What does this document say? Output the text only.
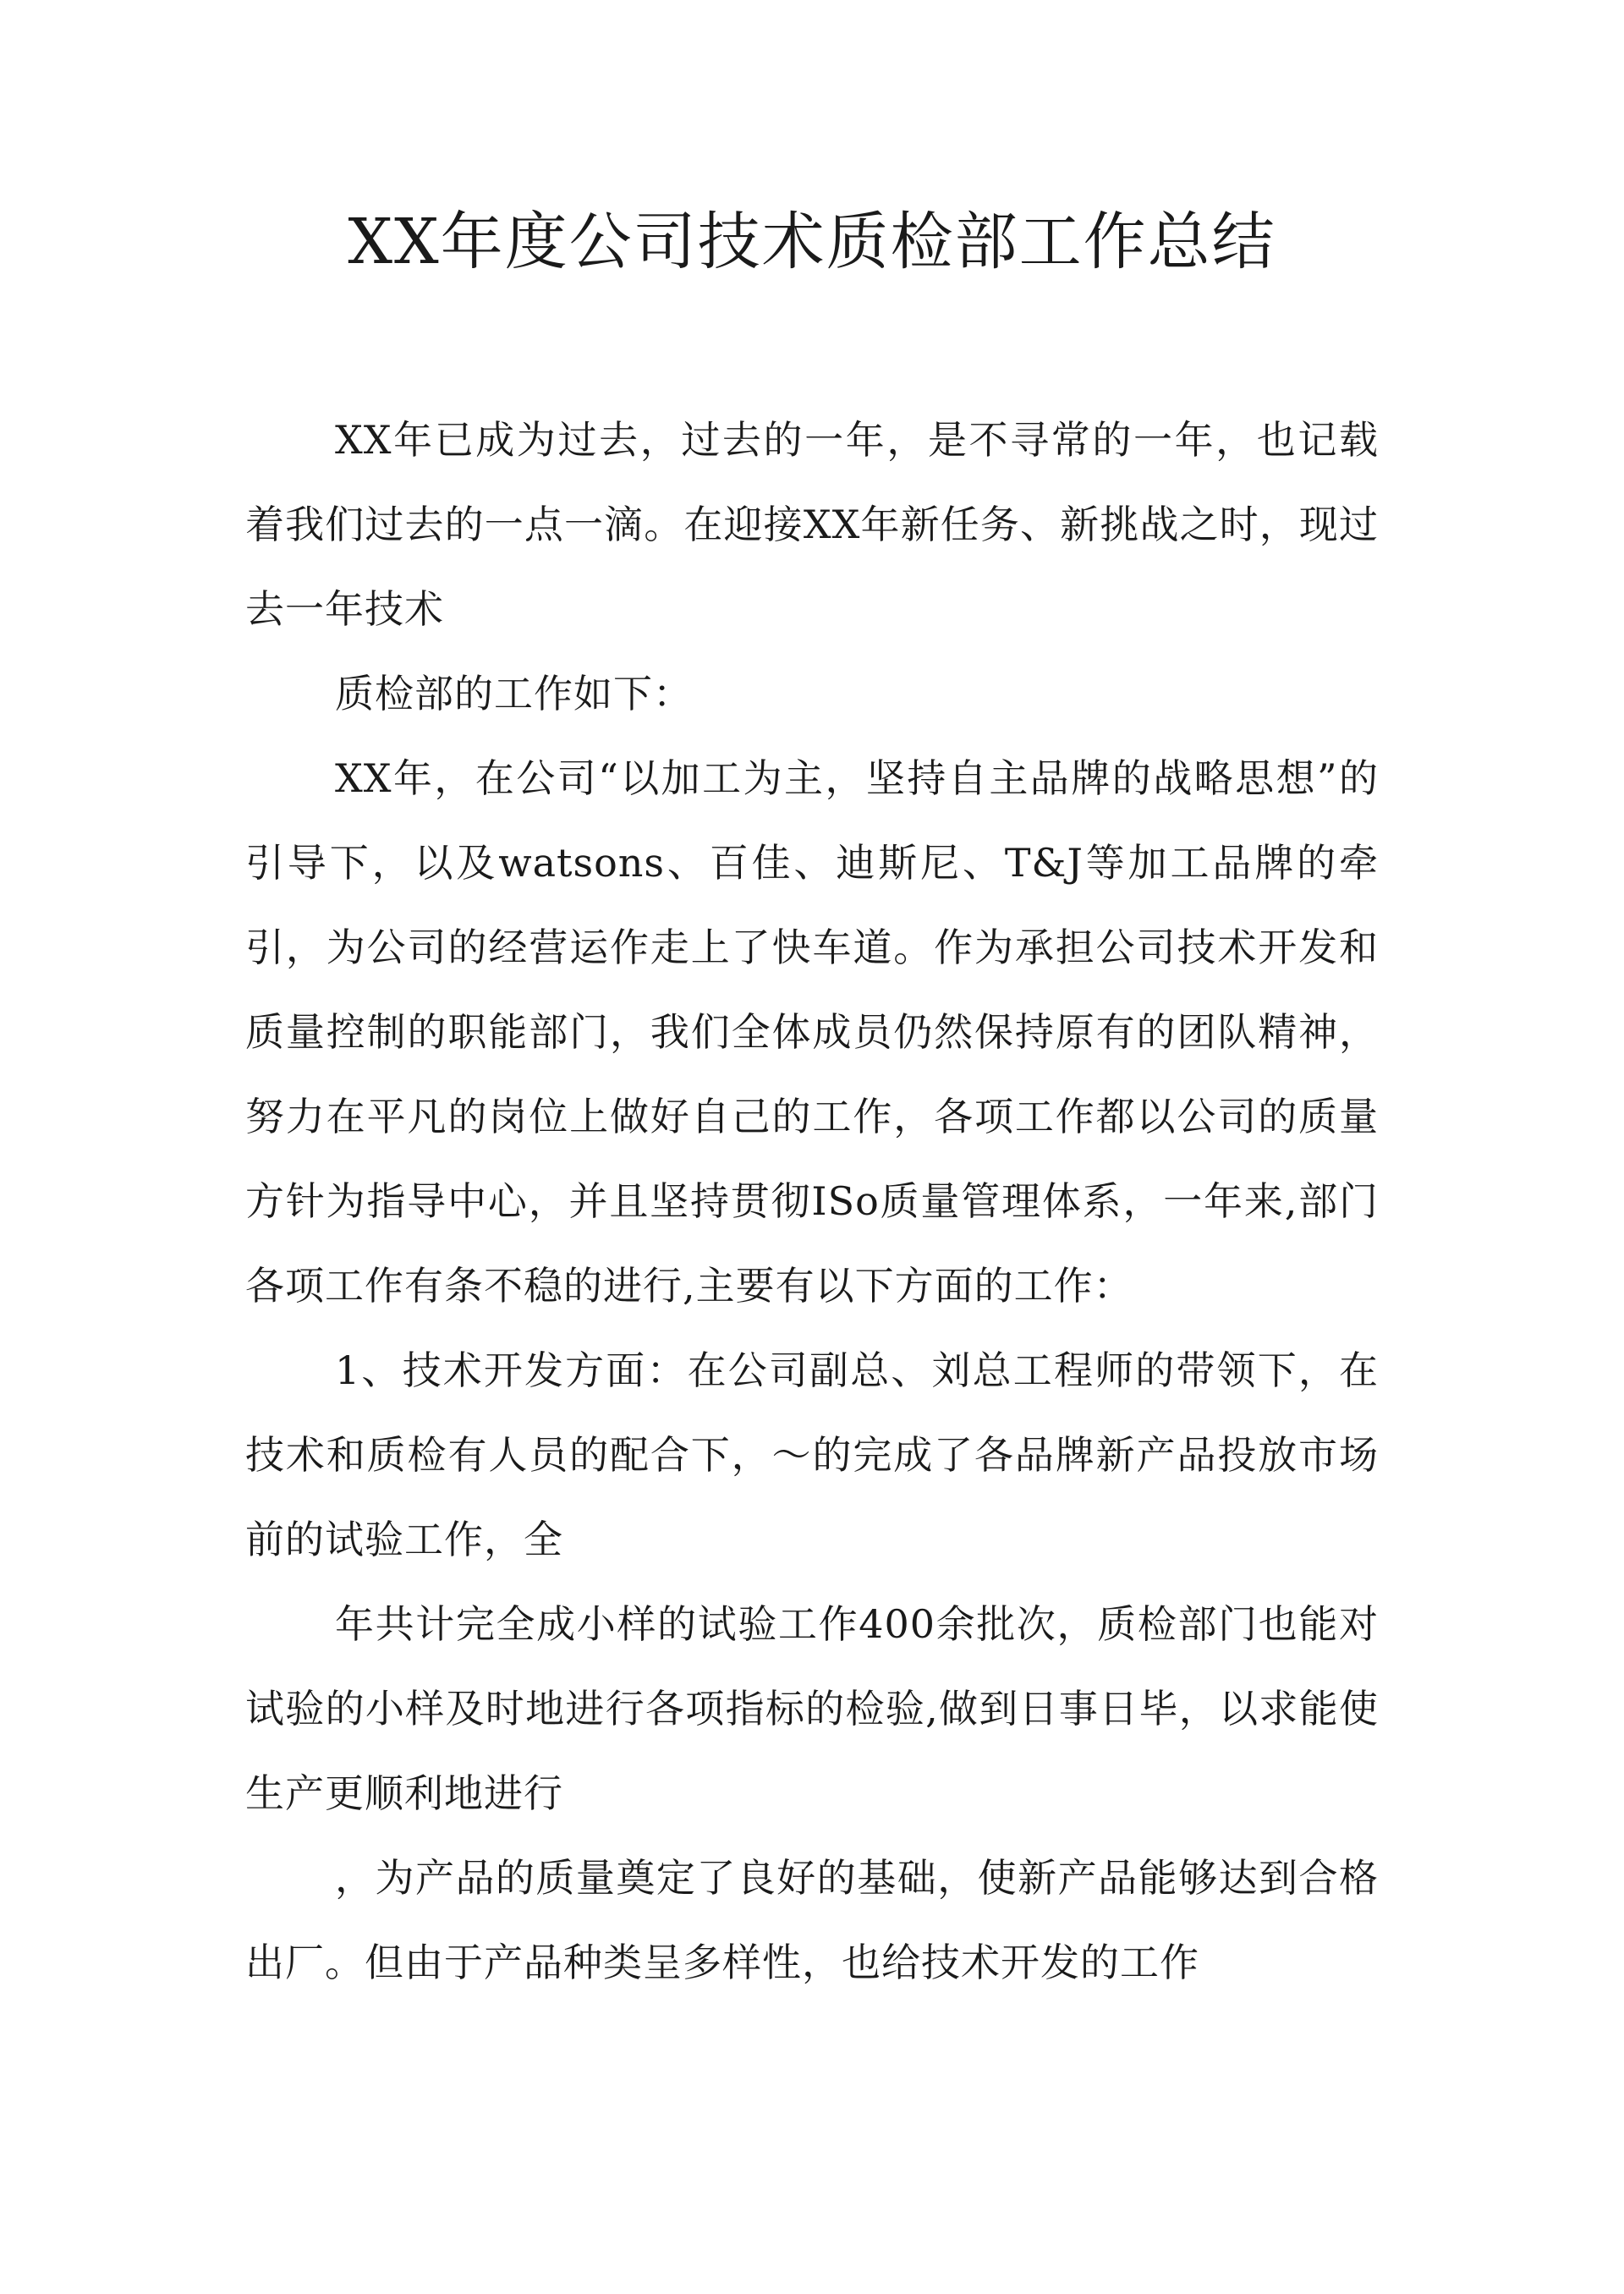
XX年度公司技术质检部工作总结

XX年已成为过去，过去的一年，是不寻常的一年，也记载着我们过去的一点一滴。在迎接XX年新任务、新挑战之时，现过去一年技术

质检部的工作如下：

XX年，在公司“以加工为主，坚持自主品牌的战略思想”的引导下，以及watsons、百佳、迪斯尼、T&J等加工品牌的牵引，为公司的经营运作走上了快车道。作为承担公司技术开发和质量控制的职能部门，我们全体成员仍然保持原有的团队精神，努力在平凡的岗位上做好自己的工作，各项工作都以公司的质量方针为指导中心，并且坚持贯彻ISo质量管理体系，一年来,部门各项工作有条不稳的进行,主要有以下方面的工作：

1、技术开发方面：在公司副总、刘总工程师的带领下，在技术和质检有人员的配合下，～的完成了各品牌新产品投放市场前的试验工作，全

年共计完全成小样的试验工作400余批次，质检部门也能对试验的小样及时地进行各项指标的检验,做到日事日毕，以求能使生产更顺利地进行

，为产品的质量奠定了良好的基础，使新产品能够达到合格出厂。但由于产品种类呈多样性，也给技术开发的工作
